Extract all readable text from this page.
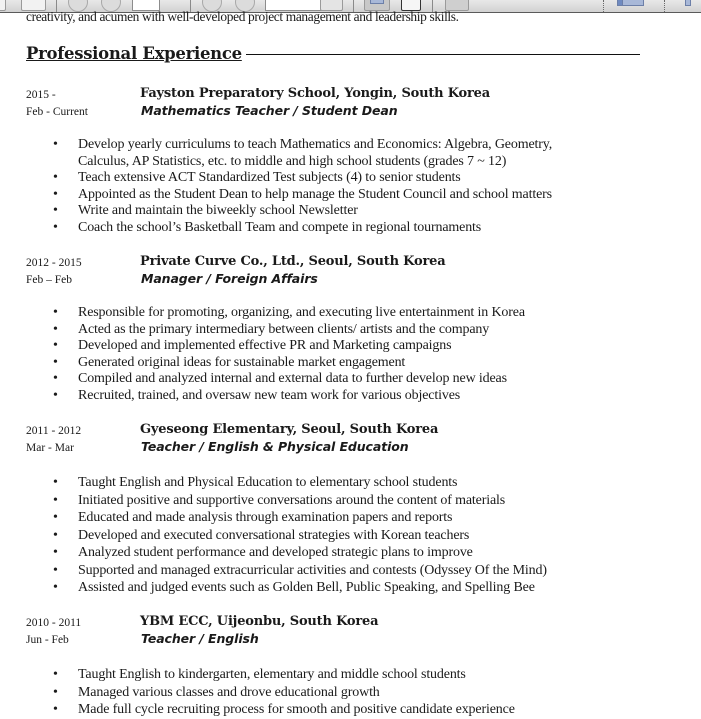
creativity, and acumen with well-developed project management and leadership skills.
Professional Experience
2015 -
Feb - Current
Fayston Preparatory School, Yongin, South Korea
Mathematics Teacher / Student Dean
• Develop yearly curriculums to teach Mathematics and Economics: Algebra, Geometry,
Calculus, AP Statistics, etc. to middle and high school students (grades 7 ~ 12)
• Teach extensive ACT Standardized Test subjects (4) to senior students
• Appointed as the Student Dean to help manage the Student Council and school matters
• Write and maintain the biweekly school Newsletter
• Coach the school’s Basketball Team and compete in regional tournaments
2012 - 2015
Feb – Feb
Private Curve Co., Ltd., Seoul, South Korea
Manager / Foreign Affairs
• Responsible for promoting, organizing, and executing live entertainment in Korea
• Acted as the primary intermediary between clients/ artists and the company
• Developed and implemented effective PR and Marketing campaigns
• Generated original ideas for sustainable market engagement
• Compiled and analyzed internal and external data to further develop new ideas
• Recruited, trained, and oversaw new team work for various objectives
2011 - 2012
Mar - Mar
Gyeseong Elementary, Seoul, South Korea
Teacher / English & Physical Education
• Taught English and Physical Education to elementary school students
• Initiated positive and supportive conversations around the content of materials
• Educated and made analysis through examination papers and reports
• Developed and executed conversational strategies with Korean teachers
• Analyzed student performance and developed strategic plans to improve
• Supported and managed extracurricular activities and contests (Odyssey Of the Mind)
• Assisted and judged events such as Golden Bell, Public Speaking, and Spelling Bee
2010 - 2011
Jun - Feb
YBM ECC, Uijeonbu, South Korea
Teacher / English
• Taught English to kindergarten, elementary and middle school students
• Managed various classes and drove educational growth
• Made full cycle recruiting process for smooth and positive candidate experience
